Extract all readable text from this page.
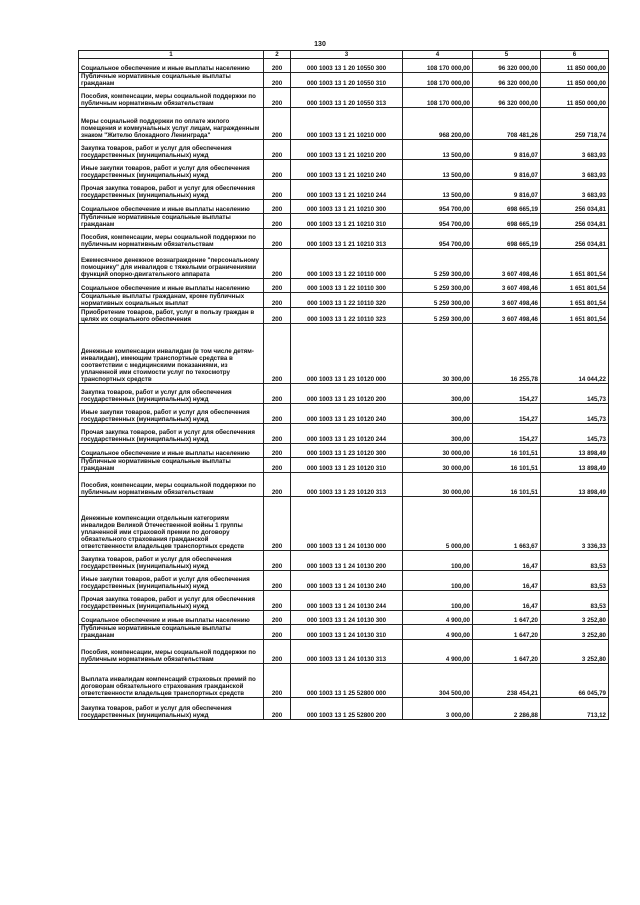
130
1	2	3	4	5	6
Социальное обеспечение и иные выплаты населению	200	000 1003 13 1 20 10550 300	108 170 000,00	96 320 000,00	11 850 000,00
Публичные нормативные социальные выплаты гражданам	200	000 1003 13 1 20 10550 310	108 170 000,00	96 320 000,00	11 850 000,00
Пособия, компенсации, меры социальной поддержки по публичным нормативным обязательствам	200	000 1003 13 1 20 10550 313	108 170 000,00	96 320 000,00	11 850 000,00
Меры социальной поддержки по оплате жилого помещения и коммунальных услуг лицам, награжденным знаком "Жителю блокадного Ленинграда"	200	000 1003 13 1 21 10210 000	968 200,00	708 481,26	259 718,74
Закупка товаров, работ и услуг для обеспечения государственных (муниципальных) нужд	200	000 1003 13 1 21 10210 200	13 500,00	9 816,07	3 683,93
Иные закупки товаров, работ и услуг для обеспечения государственных (муниципальных) нужд	200	000 1003 13 1 21 10210 240	13 500,00	9 816,07	3 683,93
Прочая закупка товаров, работ и услуг для обеспечения государственных (муниципальных) нужд	200	000 1003 13 1 21 10210 244	13 500,00	9 816,07	3 683,93
Социальное обеспечение и иные выплаты населению	200	000 1003 13 1 21 10210 300	954 700,00	698 665,19	256 034,81
Публичные нормативные социальные выплаты гражданам	200	000 1003 13 1 21 10210 310	954 700,00	698 665,19	256 034,81
Пособия, компенсации, меры социальной поддержки по публичным нормативным обязательствам	200	000 1003 13 1 21 10210 313	954 700,00	698 665,19	256 034,81
Ежемесячное денежное вознаграждение "персональному помощнику" для инвалидов с тяжелыми ограничениями функций опорно-двигательного аппарата	200	000 1003 13 1 22 10110 000	5 259 300,00	3 607 498,46	1 651 801,54
Социальное обеспечение и иные выплаты населению	200	000 1003 13 1 22 10110 300	5 259 300,00	3 607 498,46	1 651 801,54
Социальные выплаты гражданам, кроме публичных нормативных социальных выплат	200	000 1003 13 1 22 10110 320	5 259 300,00	3 607 498,46	1 651 801,54
Приобретение товаров, работ, услуг в пользу граждан в целях их социального обеспечения	200	000 1003 13 1 22 10110 323	5 259 300,00	3 607 498,46	1 651 801,54
Денежные компенсации инвалидам (в том числе детям-инвалидам), имеющим транспортные средства в соответствии с медицинскими показаниями, из уплаченной ими стоимости услуг по техосмотру транспортных средств	200	000 1003 13 1 23 10120 000	30 300,00	16 255,78	14 044,22
Закупка товаров, работ и услуг для обеспечения государственных (муниципальных) нужд	200	000 1003 13 1 23 10120 200	300,00	154,27	145,73
Иные закупки товаров, работ и услуг для обеспечения государственных (муниципальных) нужд	200	000 1003 13 1 23 10120 240	300,00	154,27	145,73
Прочая закупка товаров, работ и услуг для обеспечения государственных (муниципальных) нужд	200	000 1003 13 1 23 10120 244	300,00	154,27	145,73
Социальное обеспечение и иные выплаты населению	200	000 1003 13 1 23 10120 300	30 000,00	16 101,51	13 898,49
Публичные нормативные социальные выплаты гражданам	200	000 1003 13 1 23 10120 310	30 000,00	16 101,51	13 898,49
Пособия, компенсации, меры социальной поддержки по публичным нормативным обязательствам	200	000 1003 13 1 23 10120 313	30 000,00	16 101,51	13 898,49
Денежные компенсации отдельным категориям инвалидов Великой Отечественной войны 1 группы уплаченной ими страховой премии по договору обязательного страхования гражданской ответственности владельцев транспортных средств	200	000 1003 13 1 24 10130 000	5 000,00	1 663,67	3 336,33
Закупка товаров, работ и услуг для обеспечения государственных (муниципальных) нужд	200	000 1003 13 1 24 10130 200	100,00	16,47	83,53
Иные закупки товаров, работ и услуг для обеспечения государственных (муниципальных) нужд	200	000 1003 13 1 24 10130 240	100,00	16,47	83,53
Прочая закупка товаров, работ и услуг для обеспечения государственных (муниципальных) нужд	200	000 1003 13 1 24 10130 244	100,00	16,47	83,53
Социальное обеспечение и иные выплаты населению	200	000 1003 13 1 24 10130 300	4 900,00	1 647,20	3 252,80
Публичные нормативные социальные выплаты гражданам	200	000 1003 13 1 24 10130 310	4 900,00	1 647,20	3 252,80
Пособия, компенсации, меры социальной поддержки по публичным нормативным обязательствам	200	000 1003 13 1 24 10130 313	4 900,00	1 647,20	3 252,80
Выплата инвалидам компенсаций страховых премий по договорам обязательного страхования гражданской ответственности владельцев транспортных средств	200	000 1003 13 1 25 52800 000	304 500,00	238 454,21	66 045,79
Закупка товаров, работ и услуг для обеспечения государственных (муниципальных) нужд	200	000 1003 13 1 25 52800 200	3 000,00	2 286,88	713,12
